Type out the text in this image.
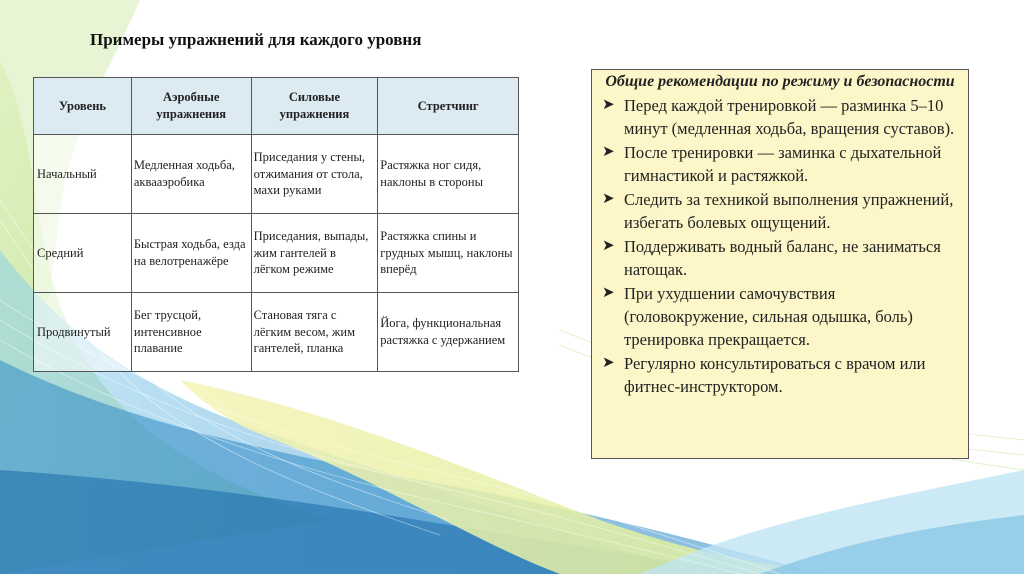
Примеры упражнений для каждого уровня
Уровень	Аэробные упражнения	Силовые упражнения	Стретчинг
Начальный	Медленная ходьба, аквааэробика	Приседания у стены, отжимания от стола, махи руками	Растяжка ног сидя, наклоны в стороны
Средний	Быстрая ходьба, езда на велотренажёре	Приседания, выпады, жим гантелей в лёгком режиме	Растяжка спины и грудных мышц, наклоны вперёд
Продвинутый	Бег трусцой, интенсивное плавание	Становая тяга с лёгким весом, жим гантелей, планка	Йога, функциональная растяжка с удержанием
Общие рекомендации по режиму и безопасности
➤ Перед каждой тренировкой — разминка 5–10 минут (медленная ходьба, вращения суставов).
➤ После тренировки — заминка с дыхательной гимнастикой и растяжкой.
➤ Следить за техникой выполнения упражнений, избегать болевых ощущений.
➤ Поддерживать водный баланс, не заниматься натощак.
➤ При ухудшении самочувствия (головокружение, сильная одышка, боль) тренировка прекращается.
➤ Регулярно консультироваться с врачом или фитнес-инструктором.
